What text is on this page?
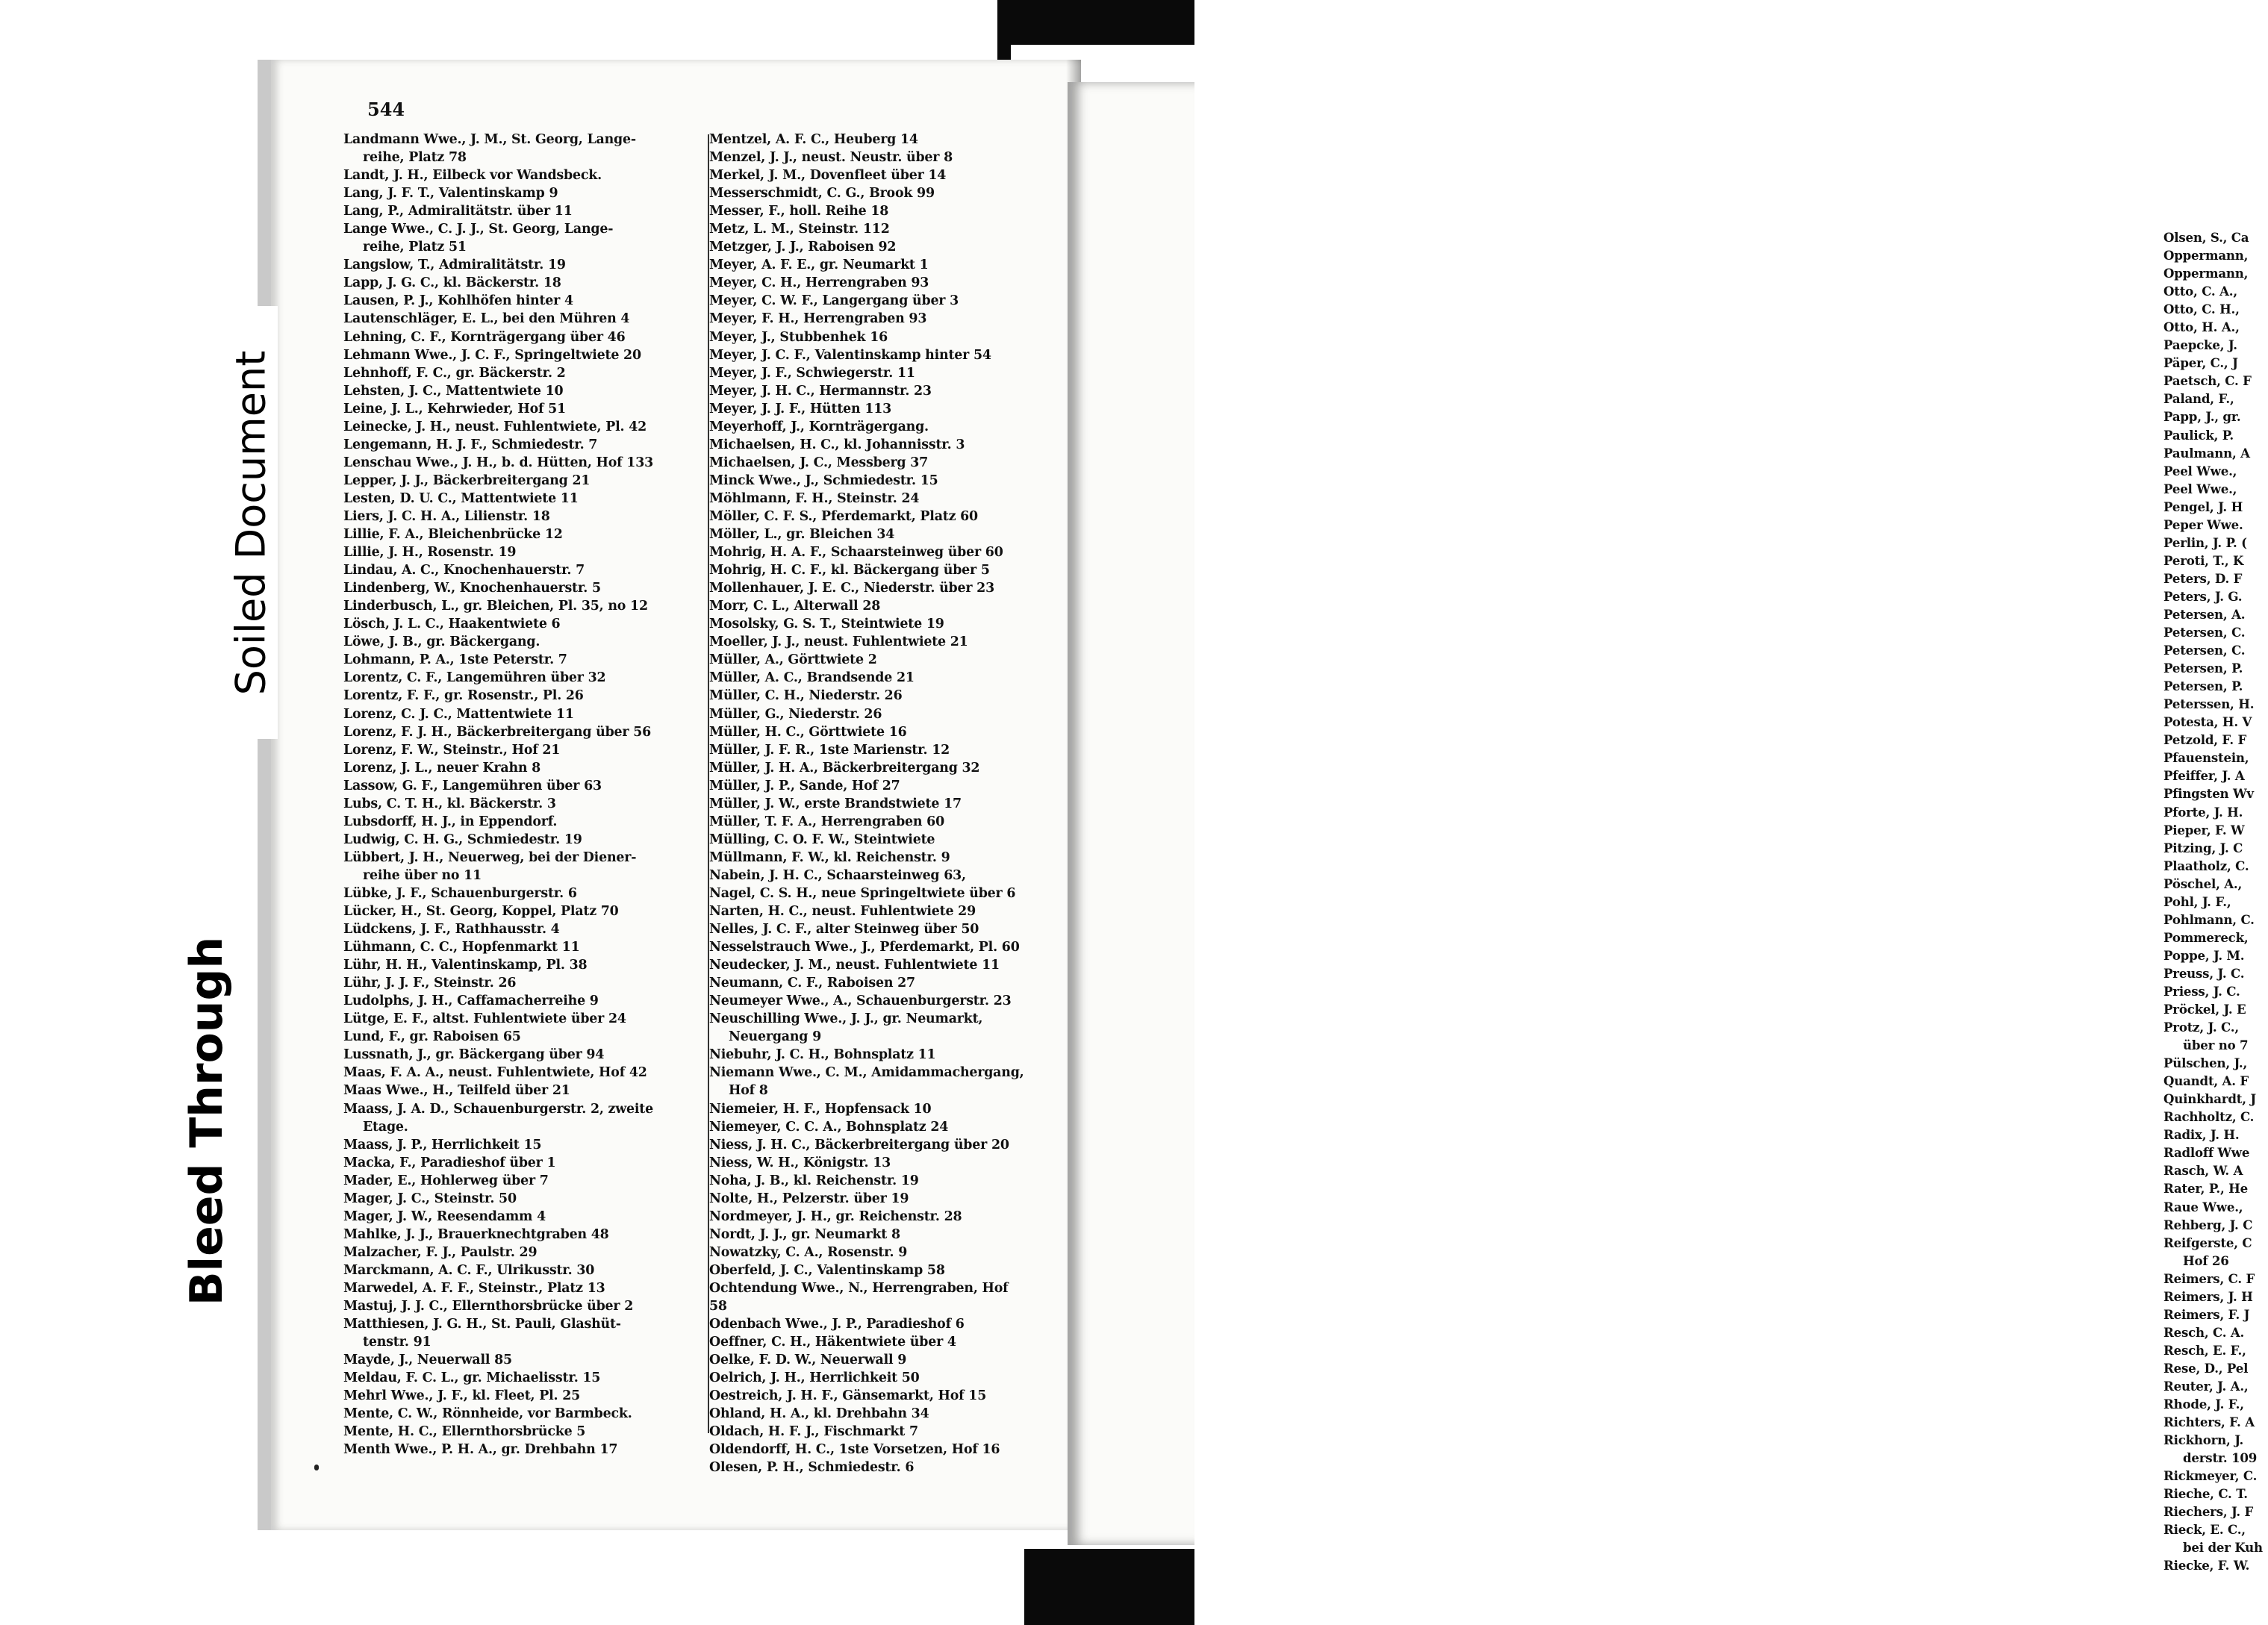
Olsen, S., Ca
Oppermann,
Oppermann,
Otto, C. A.,
Otto, C. H.,
Otto, H. A.,
Paepcke, J.
Päper, C., J
Paetsch, C. F
Paland, F.,
Papp, J., gr.
Paulick, P.
Paulmann, A
Peel Wwe.,
Peel Wwe.,
Pengel, J. H
Peper Wwe.
Perlin, J. P. (
Peroti, T., K
Peters, D. F
Peters, J. G.
Petersen, A.
Petersen, C.
Petersen, C.
Petersen, P.
Petersen, P.
Peterssen, H.
Potesta, H. V
Petzold, F. F
Pfauenstein,
Pfeiffer, J. A
Pfingsten Wv
Pforte, J. H.
Pieper, F. W
Pitzing, J. C
Plaatholz, C.
Pöschel, A.,
Pohl, J. F.,
Pohlmann, C.
Pommereck,
Poppe, J. M.
Preuss, J. C.
Priess, J. C.
Pröckel, J. E
Protz, J. C.,
über no 7
Pülschen, J.,
Quandt, A. F
Quinkhardt, J
Rachholtz, C.
Radix, J. H.
Radloff Wwe
Rasch, W. A
Rater, P., He
Raue Wwe.,
Rehberg, J. C
Reifgerste, C
Hof 26
Reimers, C. F
Reimers, J. H
Reimers, F. J
Resch, C. A.
Resch, E. F.,
Rese, D., Pel
Reuter, J. A.,
Rhode, J. F.,
Richters, F. A
Rickhorn, J.
derstr. 109
Rickmeyer, C.
Rieche, C. T.
Riechers, J. F
Rieck, E. C.,
bei der Kuh
Riecke, F. W.
544
Landmann Wwe., J. M., St. Georg, Lange-
reihe, Platz 78
Landt, J. H., Eilbeck vor Wandsbeck.
Lang, J. F. T., Valentinskamp 9
Lang, P., Admiralitätstr. über 11
Lange Wwe., C. J. J., St. Georg, Lange-
reihe, Platz 51
Langslow, T., Admiralitätstr. 19
Lapp, J. G. C., kl. Bäckerstr. 18
Lausen, P. J., Kohlhöfen hinter 4
Lautenschläger, E. L., bei den Mühren 4
Lehning, C. F., Kornträgergang über 46
Lehmann Wwe., J. C. F., Springeltwiete 20
Lehnhoff, F. C., gr. Bäckerstr. 2
Lehsten, J. C., Mattentwiete 10
Leine, J. L., Kehrwieder, Hof 51
Leinecke, J. H., neust. Fuhlentwiete, Pl. 42
Lengemann, H. J. F., Schmiedestr. 7
Lenschau Wwe., J. H., b. d. Hütten, Hof 133
Lepper, J. J., Bäckerbreitergang 21
Lesten, D. U. C., Mattentwiete 11
Liers, J. C. H. A., Lilienstr. 18
Lillie, F. A., Bleichenbrücke 12
Lillie, J. H., Rosenstr. 19
Lindau, A. C., Knochenhauerstr. 7
Lindenberg, W., Knochenhauerstr. 5
Linderbusch, L., gr. Bleichen, Pl. 35, no 12
Lösch, J. L. C., Haakentwiete 6
Löwe, J. B., gr. Bäckergang.
Lohmann, P. A., 1ste Peterstr. 7
Lorentz, C. F., Langemühren über 32
Lorentz, F. F., gr. Rosenstr., Pl. 26
Lorenz, C. J. C., Mattentwiete 11
Lorenz, F. J. H., Bäckerbreitergang über 56
Lorenz, F. W., Steinstr., Hof 21
Lorenz, J. L., neuer Krahn 8
Lassow, G. F., Langemühren über 63
Lubs, C. T. H., kl. Bäckerstr. 3
Lubsdorff, H. J., in Eppendorf.
Ludwig, C. H. G., Schmiedestr. 19
Lübbert, J. H., Neuerweg, bei der Diener-
reihe über no 11
Lübke, J. F., Schauenburgerstr. 6
Lücker, H., St. Georg, Koppel, Platz 70
Lüdckens, J. F., Rathhausstr. 4
Lühmann, C. C., Hopfenmarkt 11
Lühr, H. H., Valentinskamp, Pl. 38
Lühr, J. J. F., Steinstr. 26
Ludolphs, J. H., Caffamacherreihe 9
Lütge, E. F., altst. Fuhlentwiete über 24
Lund, F., gr. Raboisen 65
Lussnath, J., gr. Bäckergang über 94
Maas, F. A. A., neust. Fuhlentwiete, Hof 42
Maas Wwe., H., Teilfeld über 21
Maass, J. A. D., Schauenburgerstr. 2, zweite
Etage.
Maass, J. P., Herrlichkeit 15
Macka, F., Paradieshof über 1
Mader, E., Hohlerweg über 7
Mager, J. C., Steinstr. 50
Mager, J. W., Reesendamm 4
Mahlke, J. J., Brauerknechtgraben 48
Malzacher, F. J., Paulstr. 29
Marckmann, A. C. F., Ulrikusstr. 30
Marwedel, A. F. F., Steinstr., Platz 13
Mastuj, J. J. C., Ellernthorsbrücke über 2
Matthiesen, J. G. H., St. Pauli, Glashüt-
tenstr. 91
Mayde, J., Neuerwall 85
Meldau, F. C. L., gr. Michaelisstr. 15
Mehrl Wwe., J. F., kl. Fleet, Pl. 25
Mente, C. W., Rönnheide, vor Barmbeck.
Mente, H. C., Ellernthorsbrücke 5
Menth Wwe., P. H. A., gr. Drehbahn 17
Mentzel, A. F. C., Heuberg 14
Menzel, J. J., neust. Neustr. über 8
Merkel, J. M., Dovenfleet über 14
Messerschmidt, C. G., Brook 99
Messer, F., holl. Reihe 18
Metz, L. M., Steinstr. 112
Metzger, J. J., Raboisen 92
Meyer, A. F. E., gr. Neumarkt 1
Meyer, C. H., Herrengraben 93
Meyer, C. W. F., Langergang über 3
Meyer, F. H., Herrengraben 93
Meyer, J., Stubbenhek 16
Meyer, J. C. F., Valentinskamp hinter 54
Meyer, J. F., Schwiegerstr. 11
Meyer, J. H. C., Hermannstr. 23
Meyer, J. J. F., Hütten 113
Meyerhoff, J., Kornträgergang.
Michaelsen, H. C., kl. Johannisstr. 3
Michaelsen, J. C., Messberg 37
Minck Wwe., J., Schmiedestr. 15
Möhlmann, F. H., Steinstr. 24
Möller, C. F. S., Pferdemarkt, Platz 60
Möller, L., gr. Bleichen 34
Mohrig, H. A. F., Schaarsteinweg über 60
Mohrig, H. C. F., kl. Bäckergang über 5
Mollenhauer, J. E. C., Niederstr. über 23
Morr, C. L., Alterwall 28
Mosolsky, G. S. T., Steintwiete 19
Moeller, J. J., neust. Fuhlentwiete 21
Müller, A., Görttwiete 2
Müller, A. C., Brandsende 21
Müller, C. H., Niederstr. 26
Müller, G., Niederstr. 26
Müller, H. C., Görttwiete 16
Müller, J. F. R., 1ste Marienstr. 12
Müller, J. H. A., Bäckerbreitergang 32
Müller, J. P., Sande, Hof 27
Müller, J. W., erste Brandstwiete 17
Müller, T. F. A., Herrengraben 60
Mülling, C. O. F. W., Steintwiete
Müllmann, F. W., kl. Reichenstr. 9
Nabein, J. H. C., Schaarsteinweg 63,
Nagel, C. S. H., neue Springeltwiete über 6
Narten, H. C., neust. Fuhlentwiete 29
Nelles, J. C. F., alter Steinweg über 50
Nesselstrauch Wwe., J., Pferdemarkt, Pl. 60
Neudecker, J. M., neust. Fuhlentwiete 11
Neumann, C. F., Raboisen 27
Neumeyer Wwe., A., Schauenburgerstr. 23
Neuschilling Wwe., J. J., gr. Neumarkt,
Neuergang 9
Niebuhr, J. C. H., Bohnsplatz 11
Niemann Wwe., C. M., Amidammachergang,
Hof 8
Niemeier, H. F., Hopfensack 10
Niemeyer, C. C. A., Bohnsplatz 24
Niess, J. H. C., Bäckerbreitergang über 20
Niess, W. H., Königstr. 13
Noha, J. B., kl. Reichenstr. 19
Nolte, H., Pelzerstr. über 19
Nordmeyer, J. H., gr. Reichenstr. 28
Nordt, J. J., gr. Neumarkt 8
Nowatzky, C. A., Rosenstr. 9
Oberfeld, J. C., Valentinskamp 58
Ochtendung Wwe., N., Herrengraben, Hof 58
Odenbach Wwe., J. P., Paradieshof 6
Oeffner, C. H., Häkentwiete über 4
Oelke, F. D. W., Neuerwall 9
Oelrich, J. H., Herrlichkeit 50
Oestreich, J. H. F., Gänsemarkt, Hof 15
Ohland, H. A., kl. Drehbahn 34
Oldach, H. F. J., Fischmarkt 7
Oldendorff, H. C., 1ste Vorsetzen, Hof 16
Olesen, P. H., Schmiedestr. 6
Soiled Document
Bleed Through
